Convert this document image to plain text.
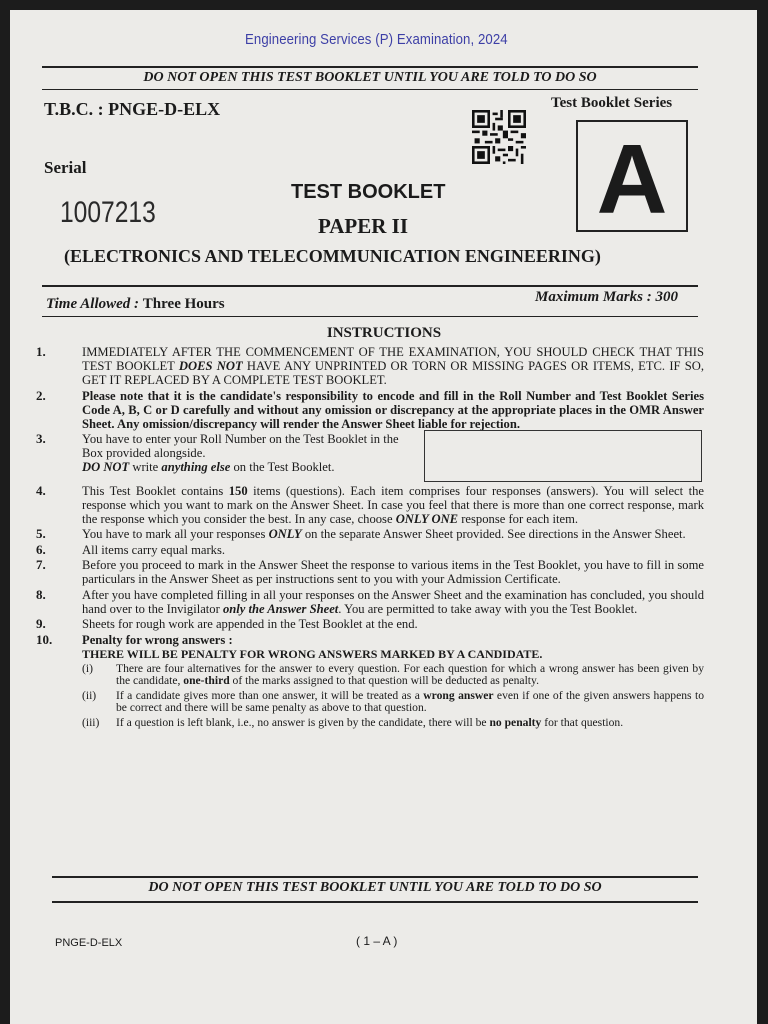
Engineering Services (P) Examination, 2024
DO NOT OPEN THIS TEST BOOKLET UNTIL YOU ARE TOLD TO DO SO
T.B.C. : PNGE-D-ELX	Test Booklet Series
A
Serial
1007213
TEST BOOKLET
PAPER II
(ELECTRONICS AND TELECOMMUNICATION ENGINEERING)
Time Allowed : Three Hours	Maximum Marks : 300
INSTRUCTIONS
1.	IMMEDIATELY AFTER THE COMMENCEMENT OF THE EXAMINATION, YOU SHOULD CHECK THAT THIS TEST BOOKLET DOES NOT HAVE ANY UNPRINTED OR TORN OR MISSING PAGES OR ITEMS, ETC. IF SO, GET IT REPLACED BY A COMPLETE TEST BOOKLET.
2.	Please note that it is the candidate's responsibility to encode and fill in the Roll Number and Test Booklet Series Code A, B, C or D carefully and without any omission or discrepancy at the appropriate places in the OMR Answer Sheet. Any omission/discrepancy will render the Answer Sheet liable for rejection.
3.	You have to enter your Roll Number on the Test Booklet in the Box provided alongside.
DO NOT write anything else on the Test Booklet.
4.	This Test Booklet contains 150 items (questions). Each item comprises four responses (answers). You will select the response which you want to mark on the Answer Sheet. In case you feel that there is more than one correct response, mark the response which you consider the best. In any case, choose ONLY ONE response for each item.
5.	You have to mark all your responses ONLY on the separate Answer Sheet provided. See directions in the Answer Sheet.
6.	All items carry equal marks.
7.	Before you proceed to mark in the Answer Sheet the response to various items in the Test Booklet, you have to fill in some particulars in the Answer Sheet as per instructions sent to you with your Admission Certificate.
8.	After you have completed filling in all your responses on the Answer Sheet and the examination has concluded, you should hand over to the Invigilator only the Answer Sheet. You are permitted to take away with you the Test Booklet.
9.	Sheets for rough work are appended in the Test Booklet at the end.
10.	Penalty for wrong answers :
THERE WILL BE PENALTY FOR WRONG ANSWERS MARKED BY A CANDIDATE.
(i)	There are four alternatives for the answer to every question. For each question for which a wrong answer has been given by the candidate, one-third of the marks assigned to that question will be deducted as penalty.
(ii)	If a candidate gives more than one answer, it will be treated as a wrong answer even if one of the given answers happens to be correct and there will be same penalty as above to that question.
(iii)	If a question is left blank, i.e., no answer is given by the candidate, there will be no penalty for that question.
DO NOT OPEN THIS TEST BOOKLET UNTIL YOU ARE TOLD TO DO SO
PNGE-D-ELX	( 1 – A )
